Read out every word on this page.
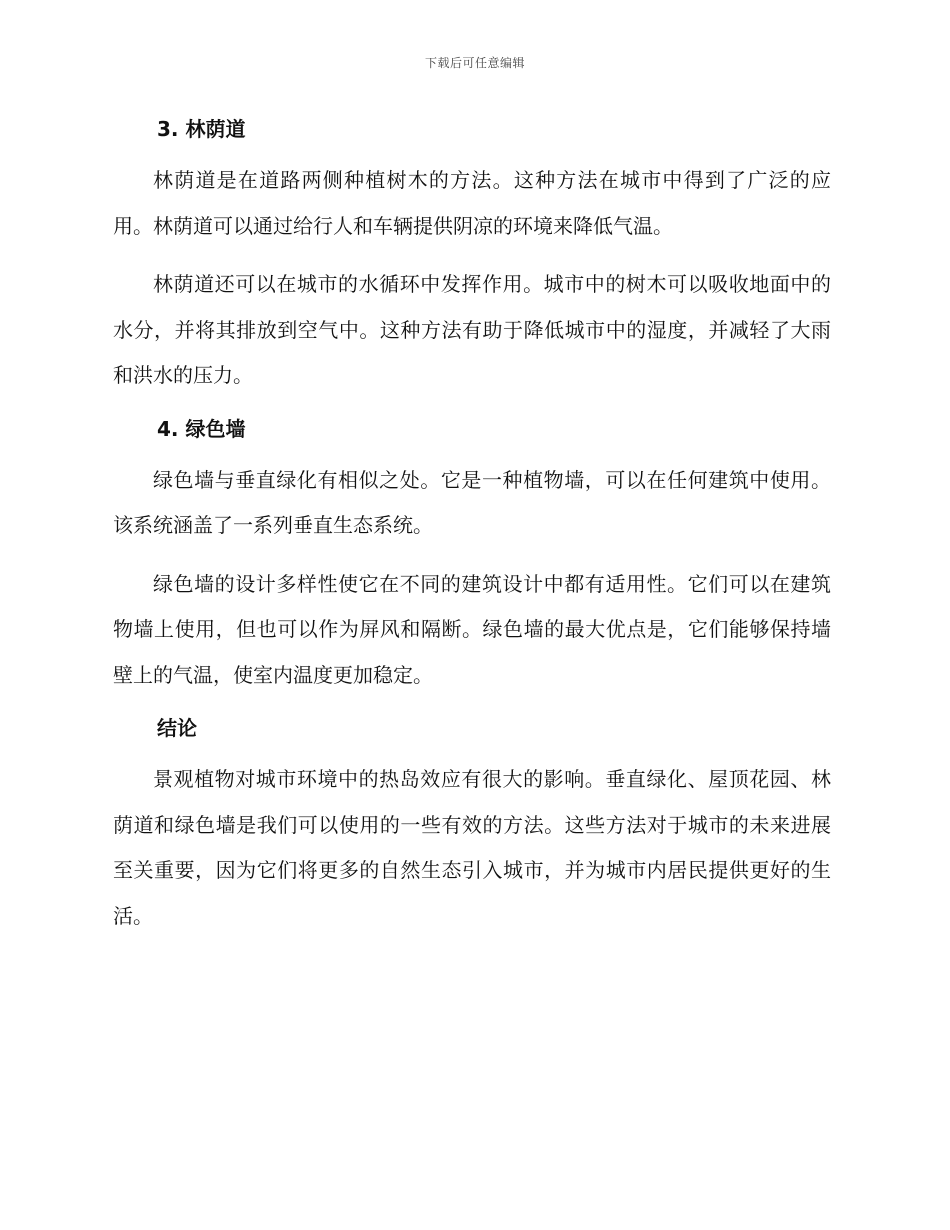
下载后可任意编辑
3. 林荫道

林荫道是在道路两侧种植树木的方法。这种方法在城市中得到了广泛的应用。林荫道可以通过给行人和车辆提供阴凉的环境来降低气温。

林荫道还可以在城市的水循环中发挥作用。城市中的树木可以吸收地面中的水分，并将其排放到空气中。这种方法有助于降低城市中的湿度，并减轻了大雨和洪水的压力。

4. 绿色墙

绿色墙与垂直绿化有相似之处。它是一种植物墙，可以在任何建筑中使用。该系统涵盖了一系列垂直生态系统。

绿色墙的设计多样性使它在不同的建筑设计中都有适用性。它们可以在建筑物墙上使用，但也可以作为屏风和隔断。绿色墙的最大优点是，它们能够保持墙壁上的气温，使室内温度更加稳定。

结论

景观植物对城市环境中的热岛效应有很大的影响。垂直绿化、屋顶花园、林荫道和绿色墙是我们可以使用的一些有效的方法。这些方法对于城市的未来进展至关重要，因为它们将更多的自然生态引入城市，并为城市内居民提供更好的生活。
